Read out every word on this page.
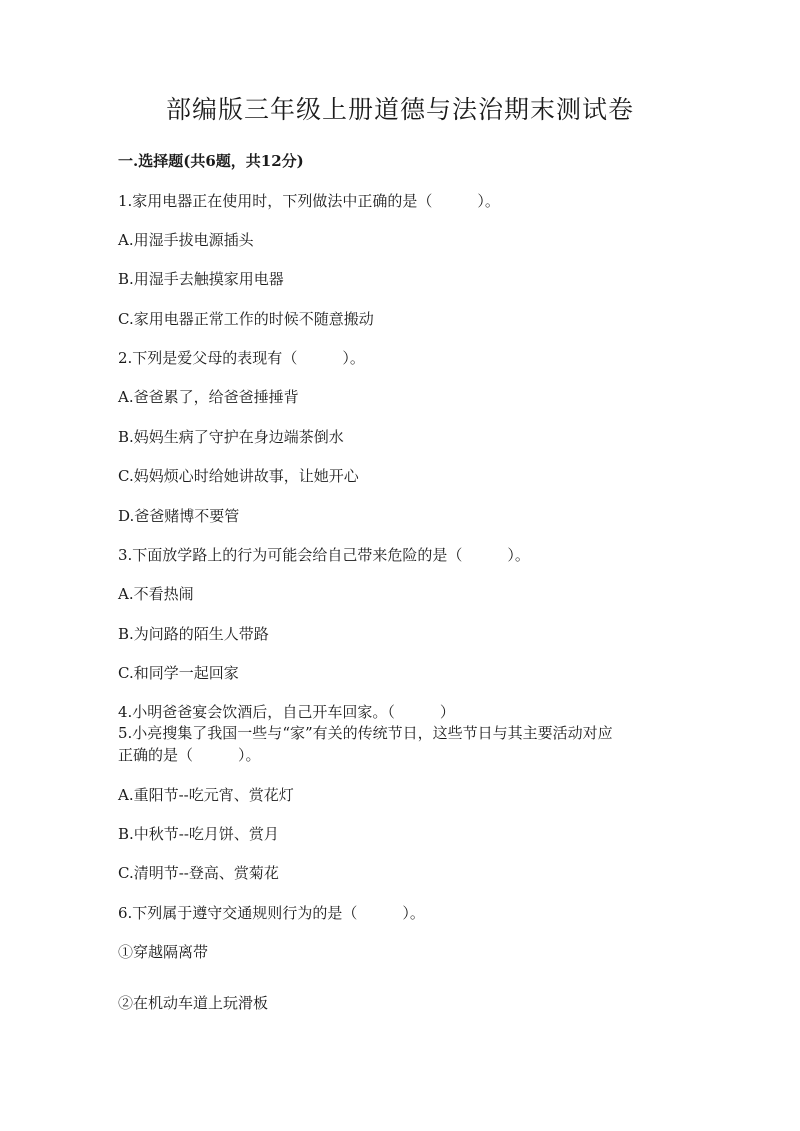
部编版三年级上册道德与法治期末测试卷
一.选择题(共6题，共12分)
1.家用电器正在使用时，下列做法中正确的是（　　　）。
A.用湿手拔电源插头
B.用湿手去触摸家用电器
C.家用电器正常工作的时候不随意搬动
2.下列是爱父母的表现有（　　　）。
A.爸爸累了，给爸爸捶捶背
B.妈妈生病了守护在身边端茶倒水
C.妈妈烦心时给她讲故事，让她开心
D.爸爸赌博不要管
3.下面放学路上的行为可能会给自己带来危险的是（　　　）。
A.不看热闹
B.为问路的陌生人带路
C.和同学一起回家
4.小明爸爸宴会饮酒后，自己开车回家。（　　　）
5.小亮搜集了我国一些与“家”有关的传统节日，这些节日与其主要活动对应
正确的是（　　　）。
A.重阳节--吃元宵、赏花灯
B.中秋节--吃月饼、赏月
C.清明节--登高、赏菊花
6.下列属于遵守交通规则行为的是（　　　）。
①穿越隔离带
②在机动车道上玩滑板
